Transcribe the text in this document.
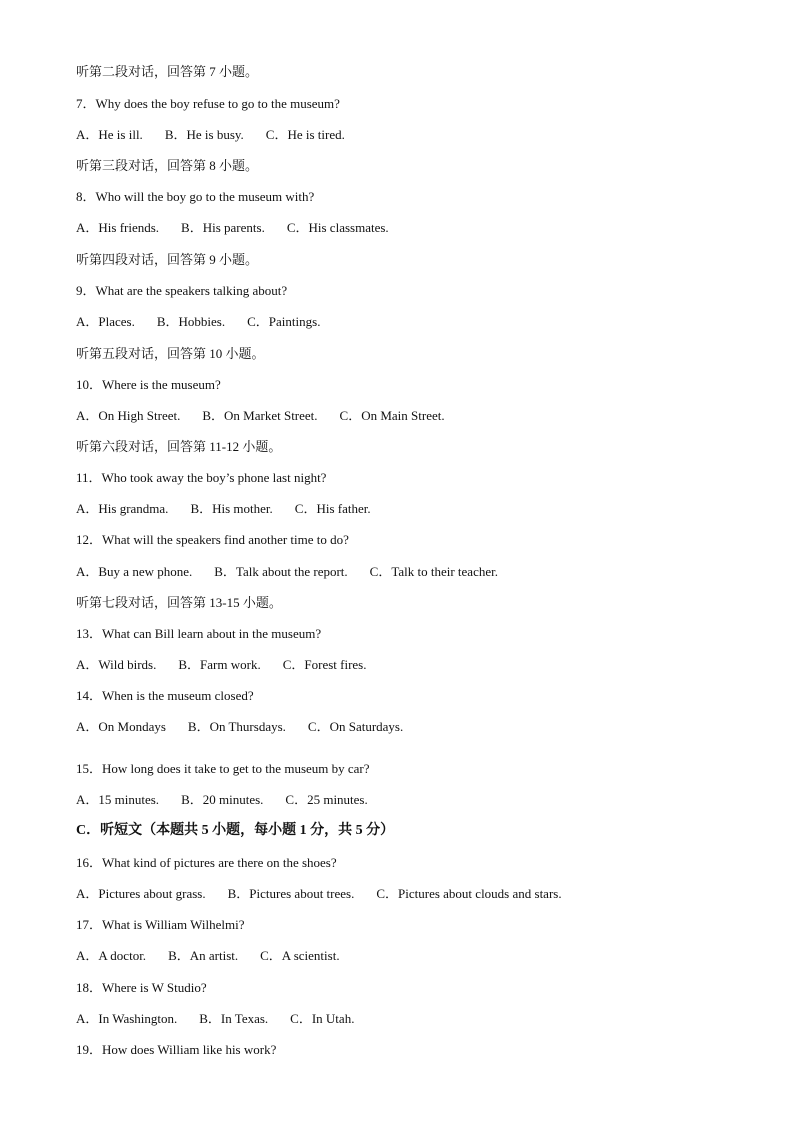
听第二段对话，回答第 7 小题。
7．Why does the boy refuse to go to the museum?
A．He is ill. B．He is busy. C．He is tired.
听第三段对话，回答第 8 小题。
8．Who will the boy go to the museum with?
A．His friends. B．His parents. C．His classmates.
听第四段对话，回答第 9 小题。
9．What are the speakers talking about?
A．Places. B．Hobbies. C．Paintings.
听第五段对话，回答第 10 小题。
10．Where is the museum?
A．On High Street. B．On Market Street. C．On Main Street.
听第六段对话，回答第 11-12 小题。
11．Who took away the boy’s phone last night?
A．His grandma. B．His mother. C．His father.
12．What will the speakers find another time to do?
A．Buy a new phone. B．Talk about the report. C．Talk to their teacher.
听第七段对话，回答第 13-15 小题。
13．What can Bill learn about in the museum?
A．Wild birds. B．Farm work. C．Forest fires.
14．When is the museum closed?
A．On Mondays B．On Thursdays. C．On Saturdays.
15．How long does it take to get to the museum by car?
A．15 minutes. B．20 minutes. C．25 minutes.
C．听短文（本题共 5 小题，每小题 1 分，共 5 分）
16．What kind of pictures are there on the shoes?
A．Pictures about grass. B．Pictures about trees. C．Pictures about clouds and stars.
17．What is William Wilhelmi?
A．A doctor. B．An artist. C．A scientist.
18．Where is W Studio?
A．In Washington. B．In Texas. C．In Utah.
19．How does William like his work?
